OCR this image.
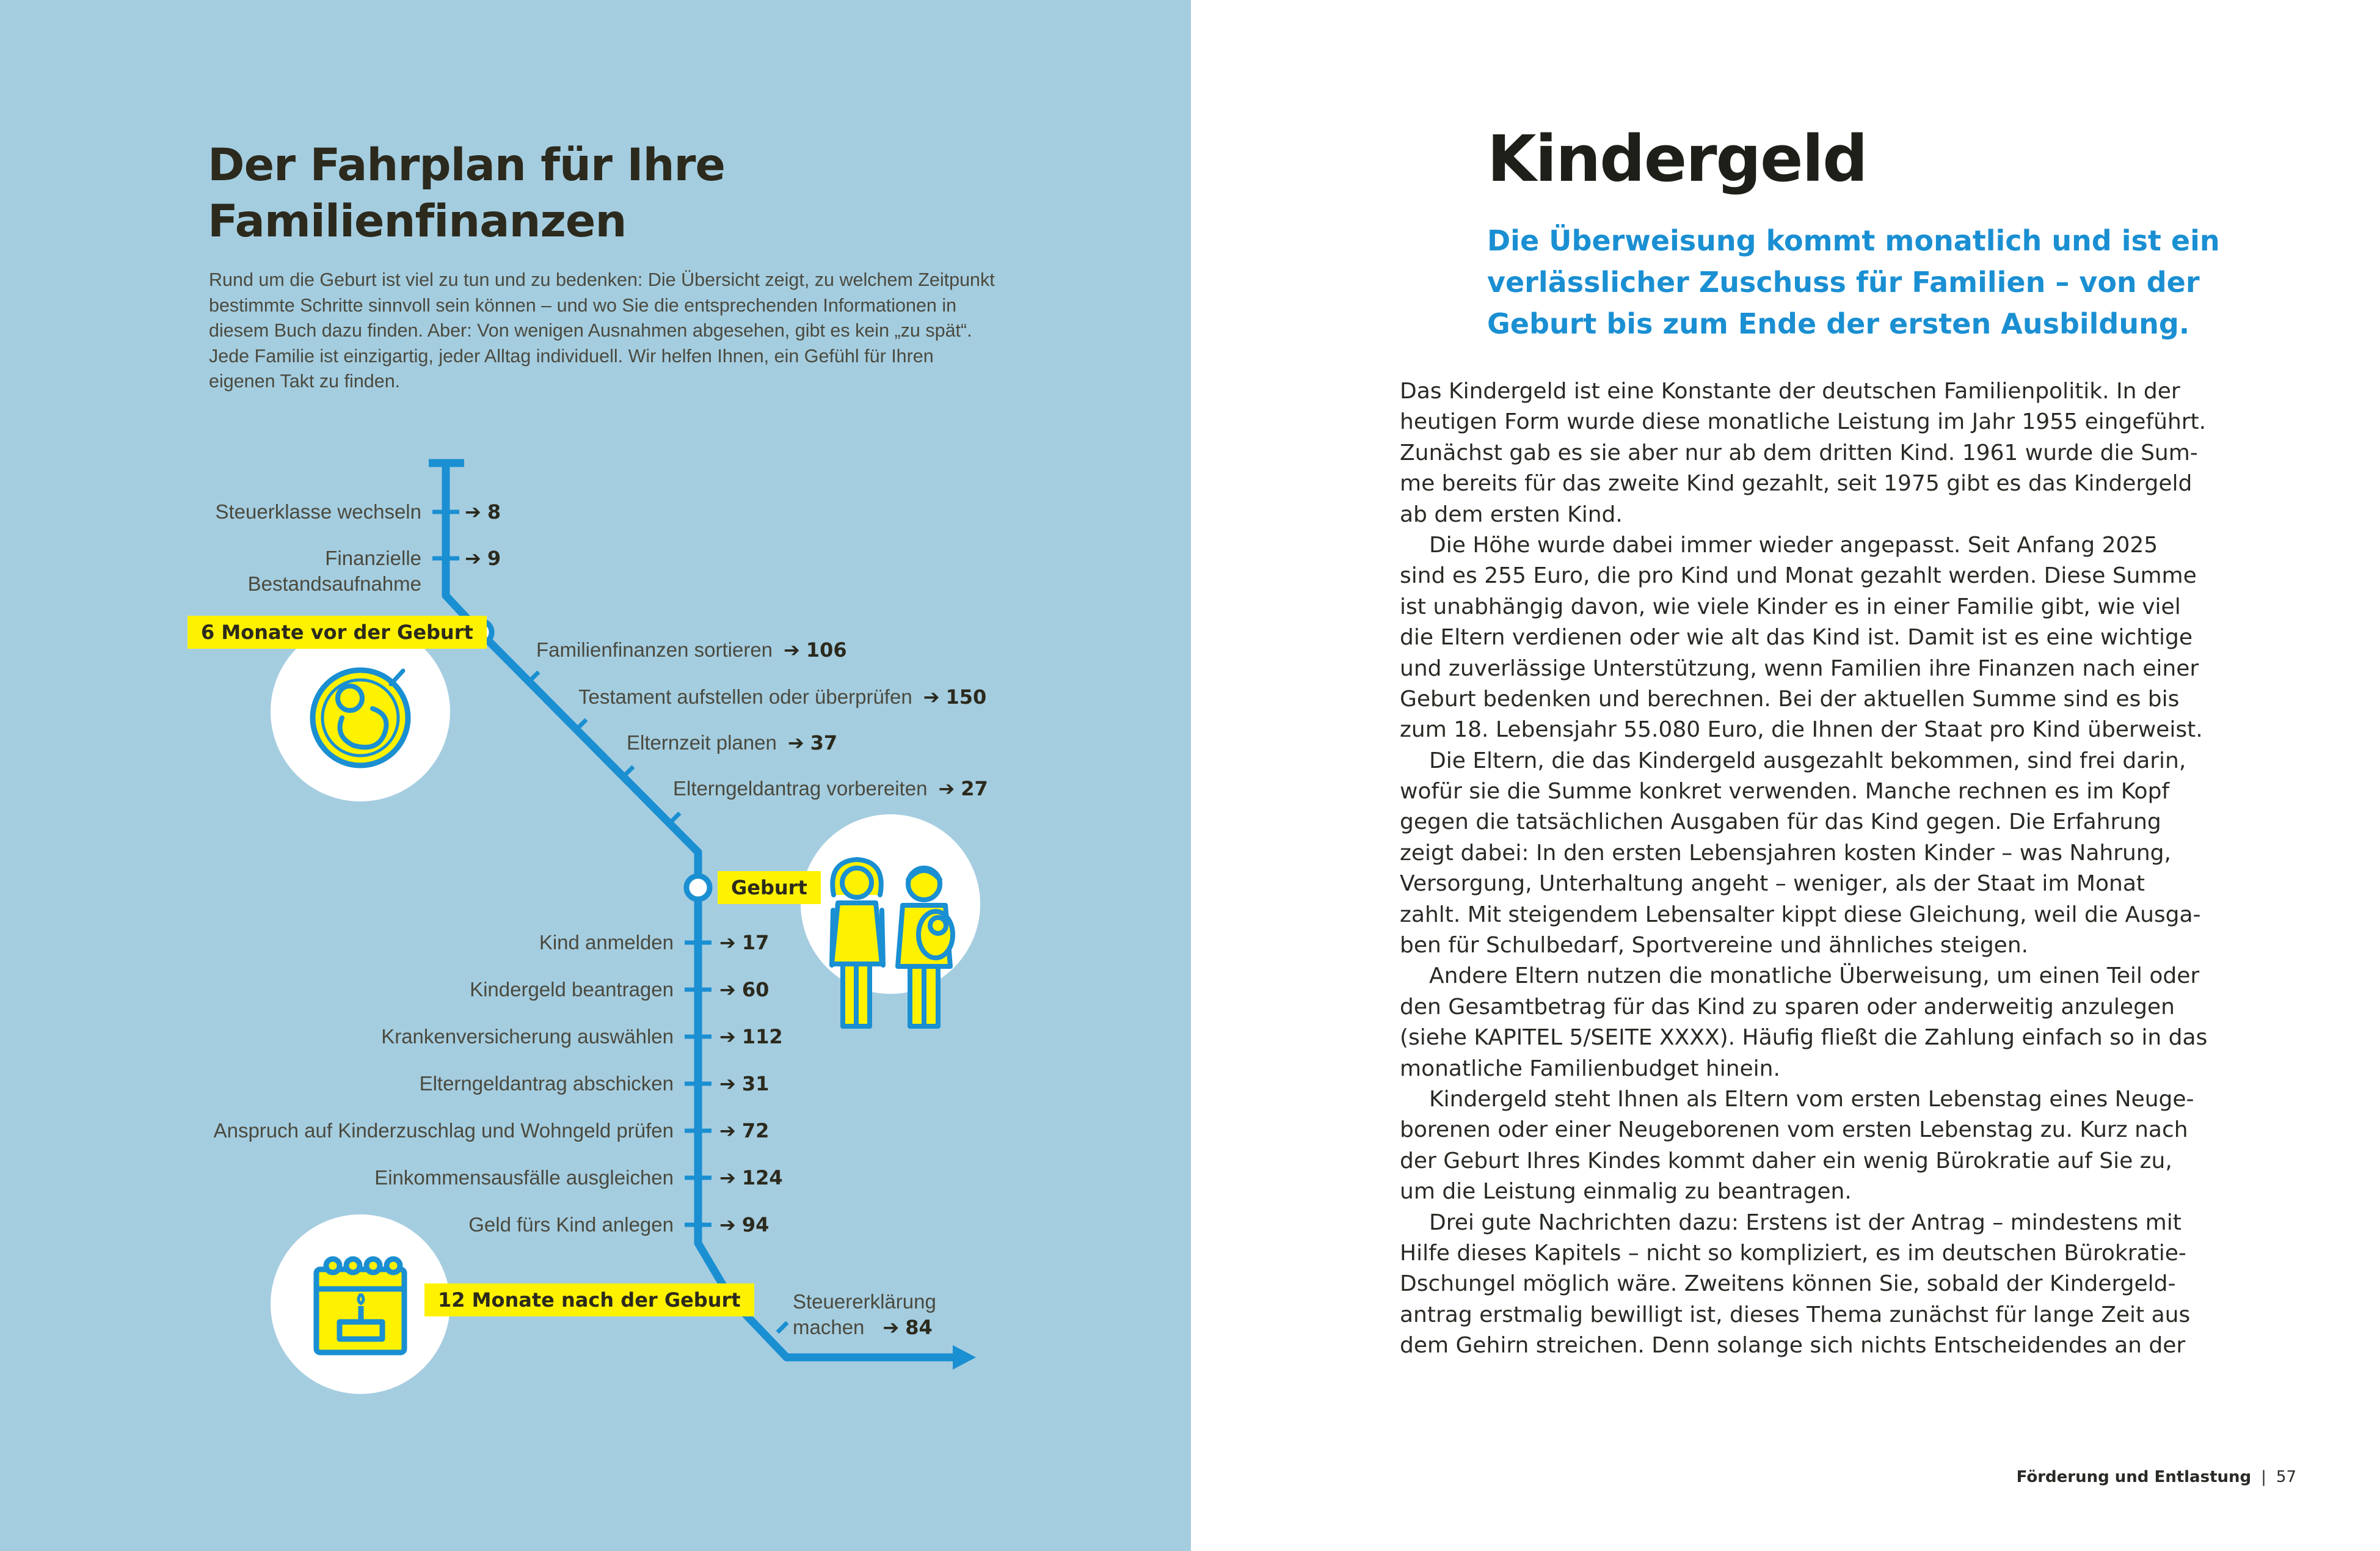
Der Fahrplan für Ihre
Familienfinanzen

Rund um die Geburt ist viel zu tun und zu bedenken: Die Übersicht zeigt, zu welchem Zeitpunkt
bestimmte Schritte sinnvoll sein können – und wo Sie die entsprechenden Informationen in
diesem Buch dazu finden. Aber: Von wenigen Ausnahmen abgesehen, gibt es kein „zu spät“.
Jede Familie ist einzigartig, jeder Alltag individuell. Wir helfen Ihnen, ein Gefühl für Ihren
eigenen Takt zu finden.

6 Monate vor der Geburt
Geburt
12 Monate nach der Geburt
Steuerklasse wechseln ➔ 8
Finanzielle
Bestandsaufnahme
➔ 9
Familienfinanzen sortieren ➔ 106
Testament aufstellen oder überprüfen ➔ 150
Elternzeit planen ➔ 37
Elterngeldantrag vorbereiten ➔ 27
Kind anmelden ➔ 17
Kindergeld beantragen ➔ 60
Krankenversicherung auswählen ➔ 112
Elterngeldantrag abschicken ➔ 31
Anspruch auf Kinderzuschlag und Wohngeld prüfen ➔ 72
Einkommensausfälle ausgleichen ➔ 124
Geld fürs Kind anlegen ➔ 94
Steuererklärung
machen ➔ 84
Kindergeld

Die Überweisung kommt monatlich und ist ein
verlässlicher Zuschuss für Familien – von der
Geburt bis zum Ende der ersten Ausbildung.

Das Kindergeld ist eine Konstante der deutschen Familienpolitik. In der
heutigen Form wurde diese monatliche Leistung im Jahr 1955 eingeführt.
Zunächst gab es sie aber nur ab dem dritten Kind. 1961 wurde die Sum-
me bereits für das zweite Kind gezahlt, seit 1975 gibt es das Kindergeld
ab dem ersten Kind.
Die Höhe wurde dabei immer wieder angepasst. Seit Anfang 2025
sind es 255 Euro, die pro Kind und Monat gezahlt werden. Diese Summe
ist unabhängig davon, wie viele Kinder es in einer Familie gibt, wie viel
die Eltern verdienen oder wie alt das Kind ist. Damit ist es eine wichtige
und zuverlässige Unterstützung, wenn Familien ihre Finanzen nach einer
Geburt bedenken und berechnen. Bei der aktuellen Summe sind es bis
zum 18. Lebensjahr 55.080 Euro, die Ihnen der Staat pro Kind überweist.
Die Eltern, die das Kindergeld ausgezahlt bekommen, sind frei darin,
wofür sie die Summe konkret verwenden. Manche rechnen es im Kopf
gegen die tatsächlichen Ausgaben für das Kind gegen. Die Erfahrung
zeigt dabei: In den ersten Lebensjahren kosten Kinder – was Nahrung,
Versorgung, Unterhaltung angeht – weniger, als der Staat im Monat
zahlt. Mit steigendem Lebensalter kippt diese Gleichung, weil die Ausga-
ben für Schulbedarf, Sportvereine und ähnliches steigen.
Andere Eltern nutzen die monatliche Überweisung, um einen Teil oder
den Gesamtbetrag für das Kind zu sparen oder anderweitig anzulegen
(siehe KAPITEL 5/SEITE XXXX). Häufig fließt die Zahlung einfach so in das
monatliche Familienbudget hinein.
Kindergeld steht Ihnen als Eltern vom ersten Lebenstag eines Neuge-
borenen oder einer Neugeborenen vom ersten Lebenstag zu. Kurz nach
der Geburt Ihres Kindes kommt daher ein wenig Bürokratie auf Sie zu,
um die Leistung einmalig zu beantragen.
Drei gute Nachrichten dazu: Erstens ist der Antrag – mindestens mit
Hilfe dieses Kapitels – nicht so kompliziert, es im deutschen Bürokratie-
Dschungel möglich wäre. Zweitens können Sie, sobald der Kindergeld-
antrag erstmalig bewilligt ist, dieses Thema zunächst für lange Zeit aus
dem Gehirn streichen. Denn solange sich nichts Entscheidendes an der
Förderung und Entlastung | 57
